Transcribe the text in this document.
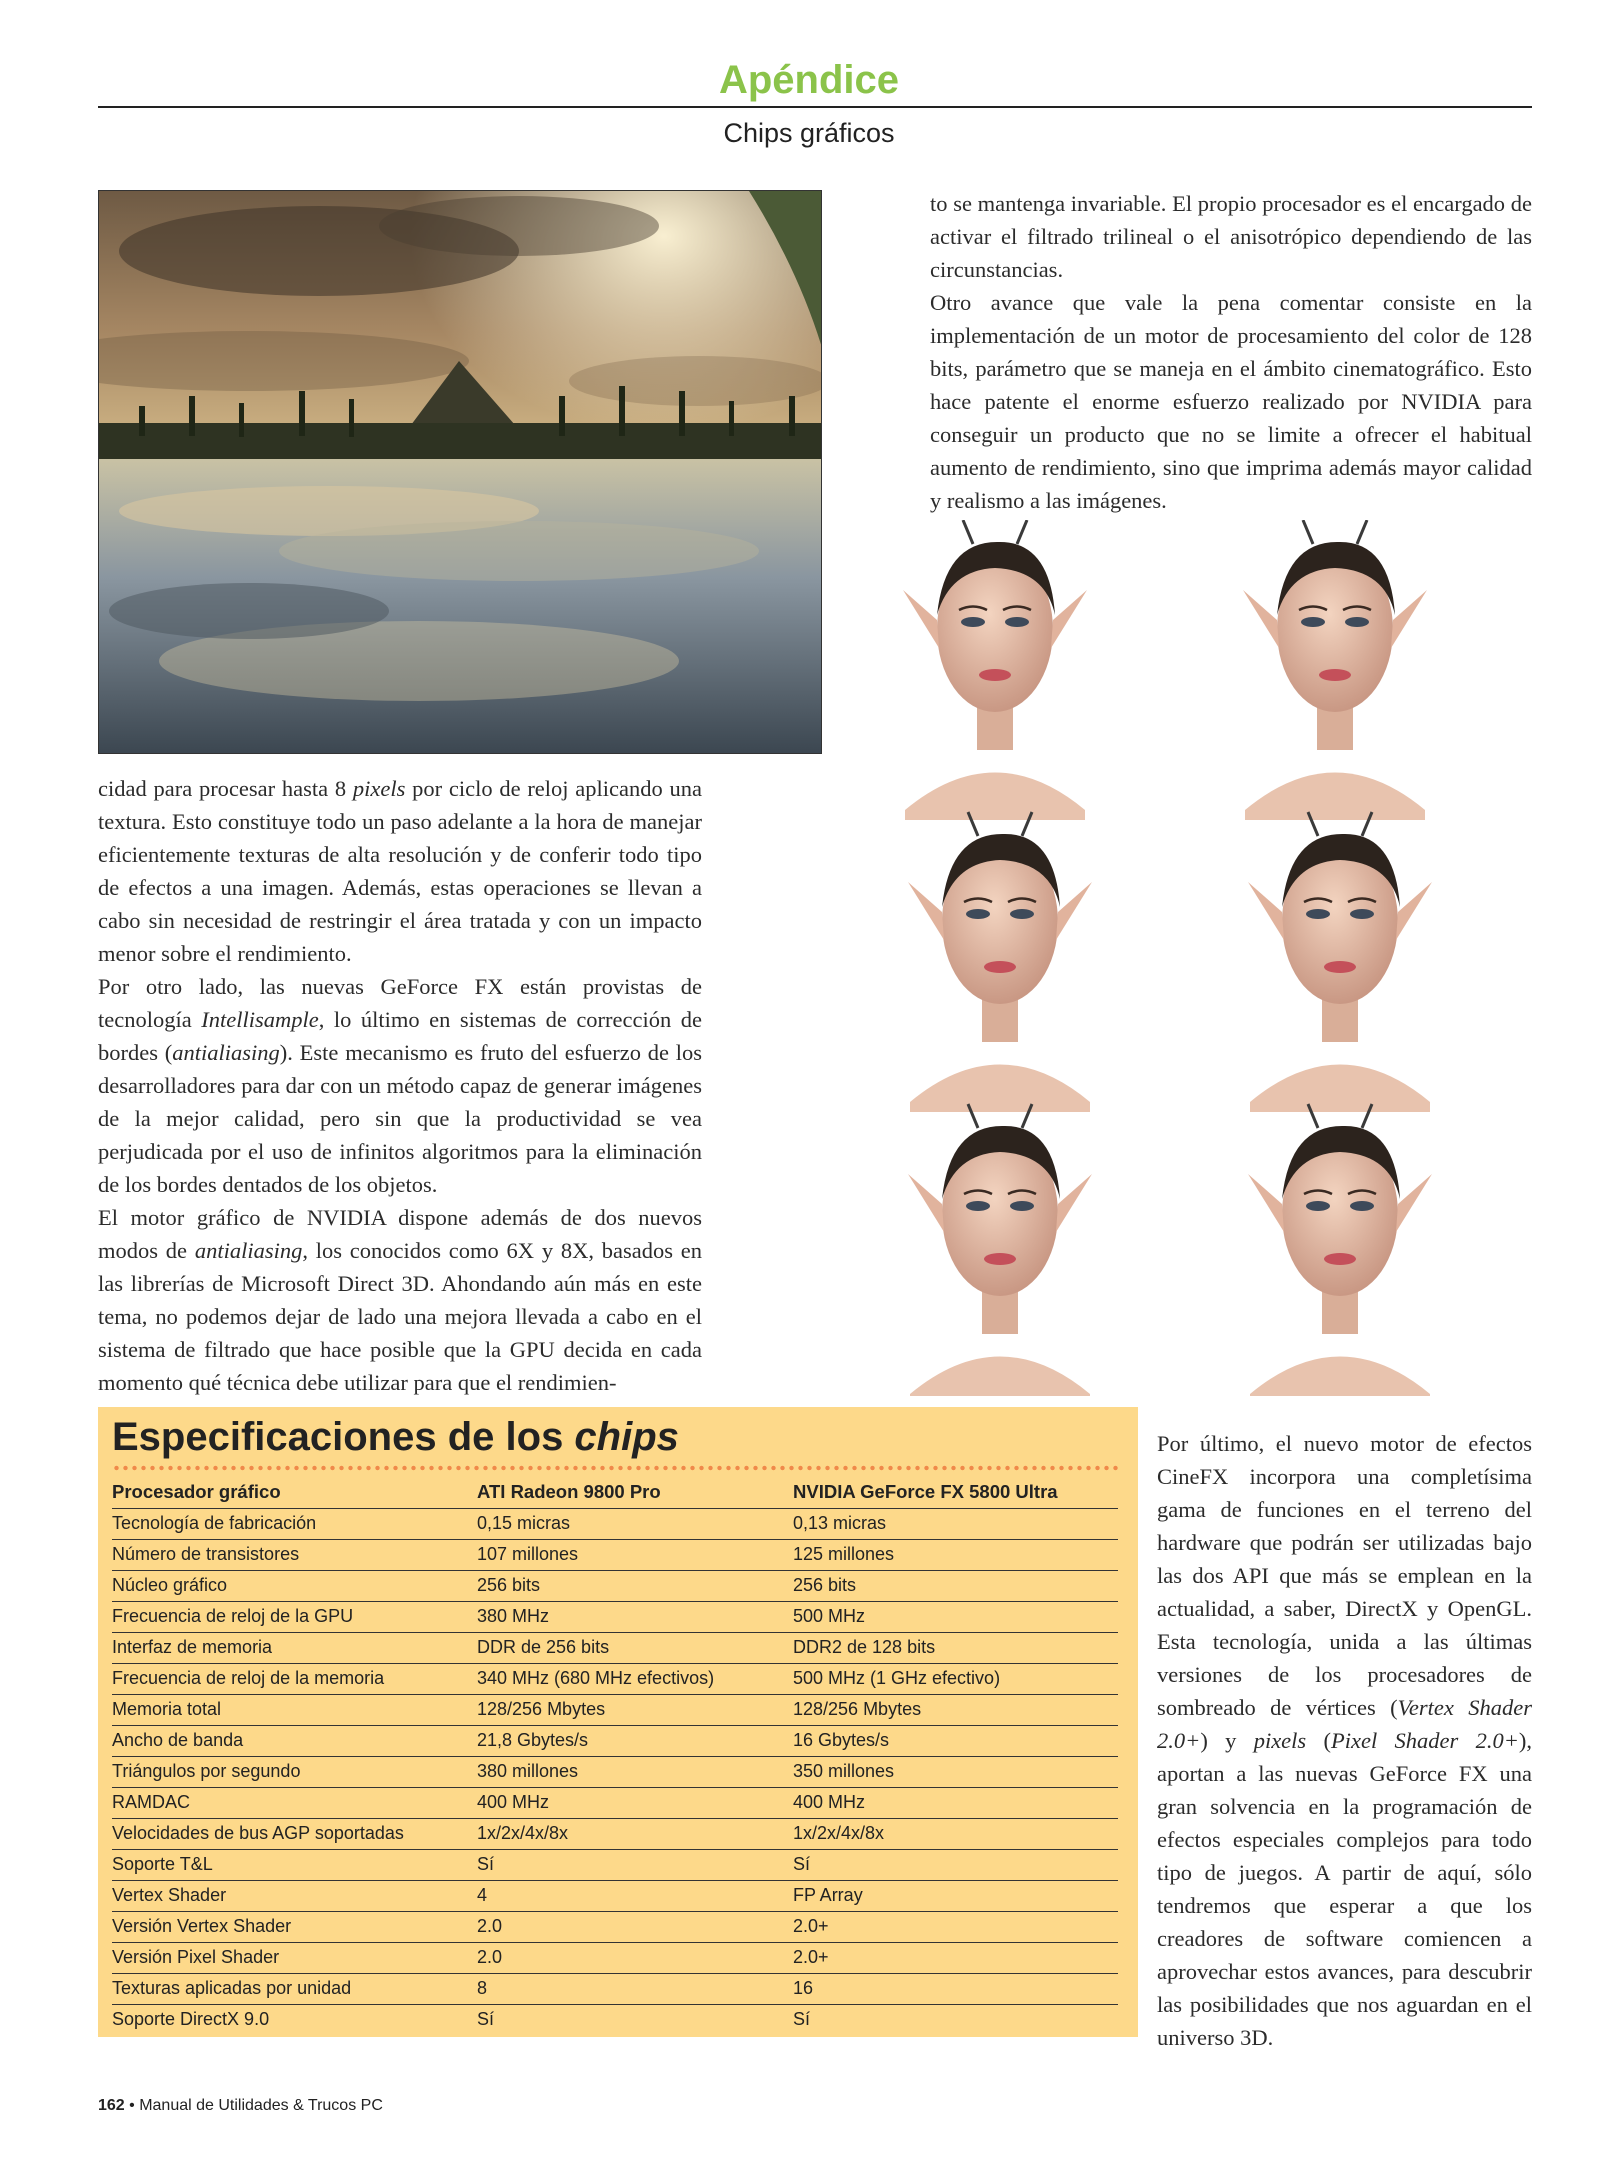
Apéndice
Chips gráficos

to se mantenga invariable. El propio procesador es el encargado de activar el filtrado trilineal o el anisotrópico dependiendo de las circunstancias.

Otro avance que vale la pena comentar consiste en la implementación de un motor de procesamiento del color de 128 bits, parámetro que se maneja en el ámbito cinematográfico. Esto hace patente el enorme esfuerzo realizado por NVIDIA para conseguir un producto que no se limite a ofrecer el habitual aumento de rendimiento, sino que imprima además mayor calidad y realismo a las imágenes.

cidad para procesar hasta 8 pixels por ciclo de reloj aplicando una textura. Esto constituye todo un paso adelante a la hora de manejar eficientemente texturas de alta resolución y de conferir todo tipo de efectos a una imagen. Además, estas operaciones se llevan a cabo sin necesidad de restringir el área tratada y con un impacto menor sobre el rendimiento.

Por otro lado, las nuevas GeForce FX están provistas de tecnología Intellisample, lo último en sistemas de corrección de bordes (antialiasing). Este mecanismo es fruto del esfuerzo de los desarrolladores para dar con un método capaz de generar imágenes de la mejor calidad, pero sin que la productividad se vea perjudicada por el uso de infinitos algoritmos para la eliminación de los bordes dentados de los objetos.

El motor gráfico de NVIDIA dispone además de dos nuevos modos de antialiasing, los conocidos como 6X y 8X, basados en las librerías de Microsoft Direct 3D. Ahondando aún más en este tema, no podemos dejar de lado una mejora llevada a cabo en el sistema de filtrado que hace posible que la GPU decida en cada momento qué técnica debe utilizar para que el rendimien-

Especificaciones de los chips
Procesador gráfico	ATI Radeon 9800 Pro	NVIDIA GeForce FX 5800 Ultra
Tecnología de fabricación	0,15 micras	0,13 micras
Número de transistores	107 millones	125 millones
Núcleo gráfico	256 bits	256 bits
Frecuencia de reloj de la GPU	380 MHz	500 MHz
Interfaz de memoria	DDR de 256 bits	DDR2 de 128 bits
Frecuencia de reloj de la memoria	340 MHz (680 MHz efectivos)	500 MHz (1 GHz efectivo)
Memoria total	128/256 Mbytes	128/256 Mbytes
Ancho de banda	21,8 Gbytes/s	16 Gbytes/s
Triángulos por segundo	380 millones	350 millones
RAMDAC	400 MHz	400 MHz
Velocidades de bus AGP soportadas	1x/2x/4x/8x	1x/2x/4x/8x
Soporte T&L	Sí	Sí
Vertex Shader	4	FP Array
Versión Vertex Shader	2.0	2.0+
Versión Pixel Shader	2.0	2.0+
Texturas aplicadas por unidad	8	16
Soporte DirectX 9.0	Sí	Sí

Por último, el nuevo motor de efectos CineFX incorpora una completísima gama de funciones en el terreno del hardware que podrán ser utilizadas bajo las dos API que más se emplean en la actualidad, a saber, DirectX y OpenGL. Esta tecnología, unida a las últimas versiones de los procesadores de sombreado de vértices (Vertex Shader 2.0+) y pixels (Pixel Shader 2.0+), aportan a las nuevas GeForce FX una gran solvencia en la programación de efectos especiales complejos para todo tipo de juegos. A partir de aquí, sólo tendremos que esperar a que los creadores de software comiencen a aprovechar estos avances, para descubrir las posibilidades que nos aguardan en el universo 3D.

162 • Manual de Utilidades & Trucos PC
